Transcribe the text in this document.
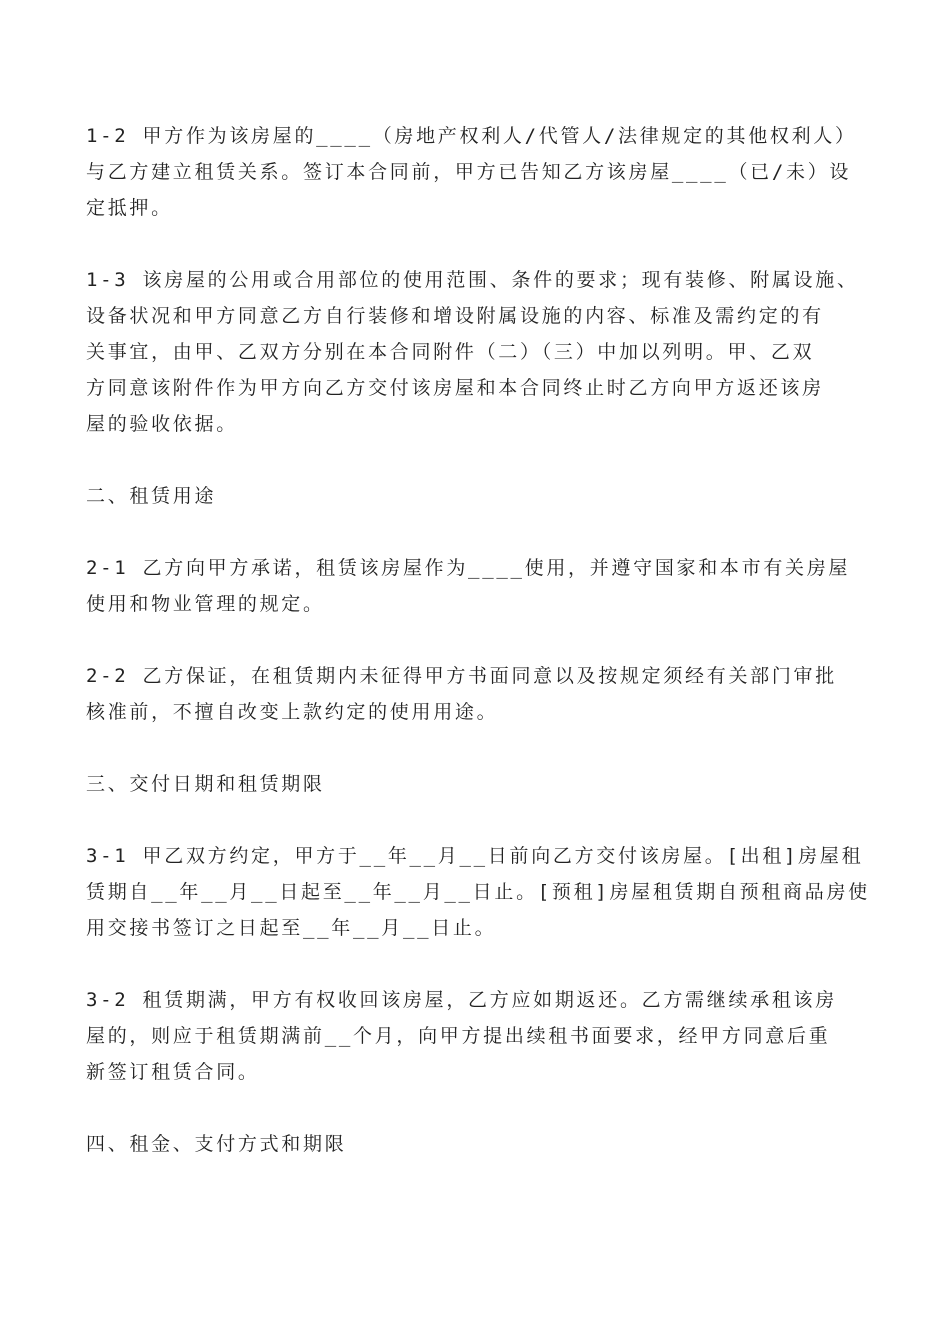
1-2 甲方作为该房屋的____（房地产权利人/代管人/法律规定的其他权利人）
与乙方建立租赁关系。签订本合同前，甲方已告知乙方该房屋____（已/未）设
定抵押。

1-3 该房屋的公用或合用部位的使用范围、条件的要求；现有装修、附属设施、
设备状况和甲方同意乙方自行装修和增设附属设施的内容、标准及需约定的有
关事宜，由甲、乙双方分别在本合同附件（二）（三）中加以列明。甲、乙双
方同意该附件作为甲方向乙方交付该房屋和本合同终止时乙方向甲方返还该房
屋的验收依据。

二、租赁用途

2-1 乙方向甲方承诺，租赁该房屋作为____使用，并遵守国家和本市有关房屋
使用和物业管理的规定。

2-2 乙方保证，在租赁期内未征得甲方书面同意以及按规定须经有关部门审批
核准前，不擅自改变上款约定的使用用途。

三、交付日期和租赁期限

3-1 甲乙双方约定，甲方于__年__月__日前向乙方交付该房屋。[出租]房屋租
赁期自__年__月__日起至__年__月__日止。[预租]房屋租赁期自预租商品房使
用交接书签订之日起至__年__月__日止。

3-2 租赁期满，甲方有权收回该房屋，乙方应如期返还。乙方需继续承租该房
屋的，则应于租赁期满前__个月，向甲方提出续租书面要求，经甲方同意后重
新签订租赁合同。

四、租金、支付方式和期限
